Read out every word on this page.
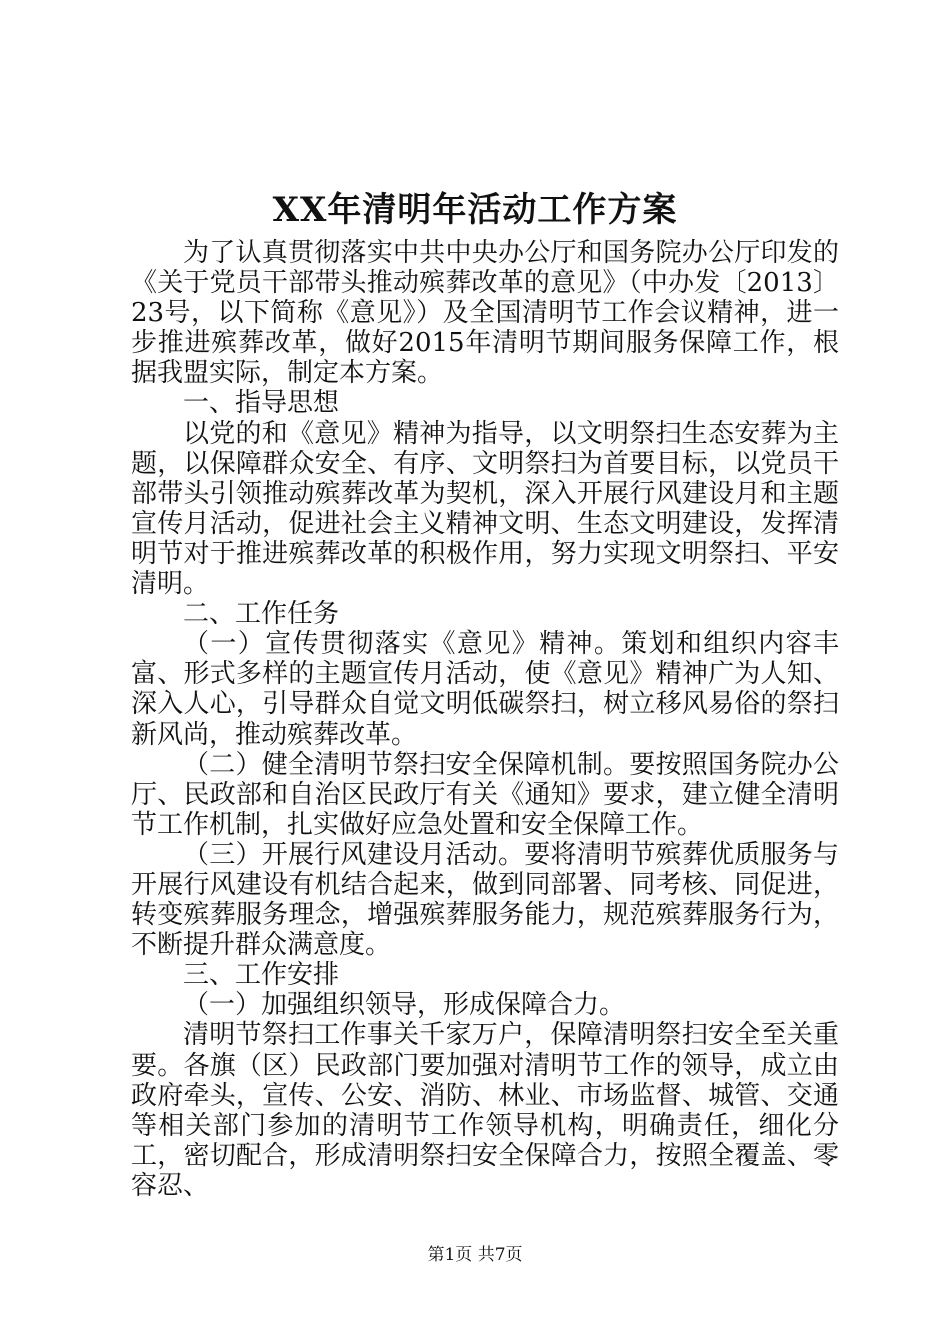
XX年清明年活动工作方案

为了认真贯彻落实中共中央办公厅和国务院办公厅印发的《关于党员干部带头推动殡葬改革的意见》（中办发〔2013〕23号，以下简称《意见》）及全国清明节工作会议精神，进一步推进殡葬改革，做好2015年清明节期间服务保障工作，根据我盟实际，制定本方案。

一、指导思想

以党的和《意见》精神为指导，以文明祭扫生态安葬为主题，以保障群众安全、有序、文明祭扫为首要目标，以党员干部带头引领推动殡葬改革为契机，深入开展行风建设月和主题宣传月活动，促进社会主义精神文明、生态文明建设，发挥清明节对于推进殡葬改革的积极作用，努力实现文明祭扫、平安清明。

二、工作任务

（一）宣传贯彻落实《意见》精神。策划和组织内容丰富、形式多样的主题宣传月活动，使《意见》精神广为人知、深入人心，引导群众自觉文明低碳祭扫，树立移风易俗的祭扫新风尚，推动殡葬改革。

（二）健全清明节祭扫安全保障机制。要按照国务院办公厅、民政部和自治区民政厅有关《通知》要求，建立健全清明节工作机制，扎实做好应急处置和安全保障工作。

（三）开展行风建设月活动。要将清明节殡葬优质服务与开展行风建设有机结合起来，做到同部署、同考核、同促进，转变殡葬服务理念，增强殡葬服务能力，规范殡葬服务行为，不断提升群众满意度。

三、工作安排

（一）加强组织领导，形成保障合力。

清明节祭扫工作事关千家万户，保障清明祭扫安全至关重要。各旗（区）民政部门要加强对清明节工作的领导，成立由政府牵头，宣传、公安、消防、林业、市场监督、城管、交通等相关部门参加的清明节工作领导机构，明确责任，细化分工，密切配合，形成清明祭扫安全保障合力，按照全覆盖、零容忍、

第1页 共7页
